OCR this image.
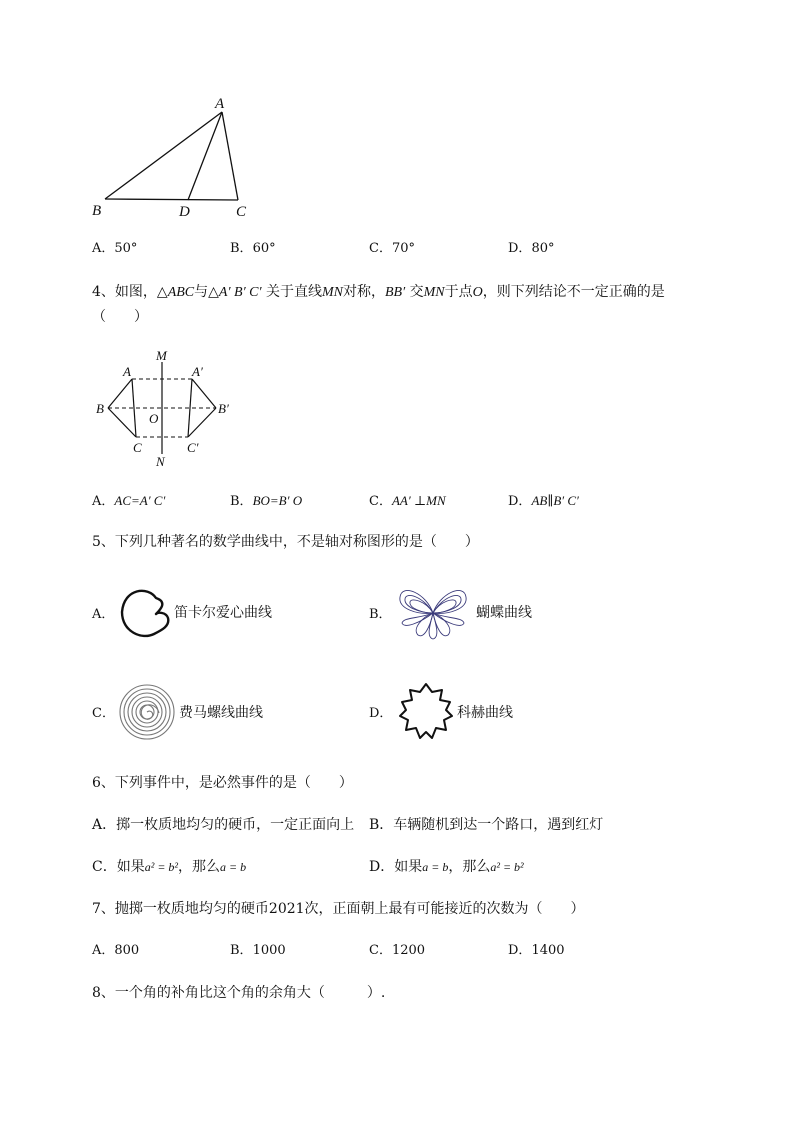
A
B	D	C
A．50°	B．60°	C．70°	D．80°
4、如图，△ABC与△A′ B′ C′ 关于直线MN对称，BB′ 交MN于点O，则下列结论不一定正确的是
（　　）
M
N
A	A′
B	B′
O
C	C′
A．AC=A′ C′	B．BO=B′ O	C．AA′ ⊥MN	D．AB∥B′ C′
5、下列几种著名的数学曲线中，不是轴对称图形的是（　　）
A．	笛卡尔爱心曲线	B．	蝴蝶曲线
C．	费马螺线曲线	D．	科赫曲线
6、下列事件中，是必然事件的是（　　）
A．掷一枚质地均匀的硬币，一定正面向上 B．车辆随机到达一个路口，遇到红灯
C．如果a² = b²，那么a = b	D．如果a = b，那么a² = b²
7、抛掷一枚质地均匀的硬币2021次，正面朝上最有可能接近的次数为（　　）
A．800	B．1000	C．1200	D．1400
8、一个角的补角比这个角的余角大（　　　）.
